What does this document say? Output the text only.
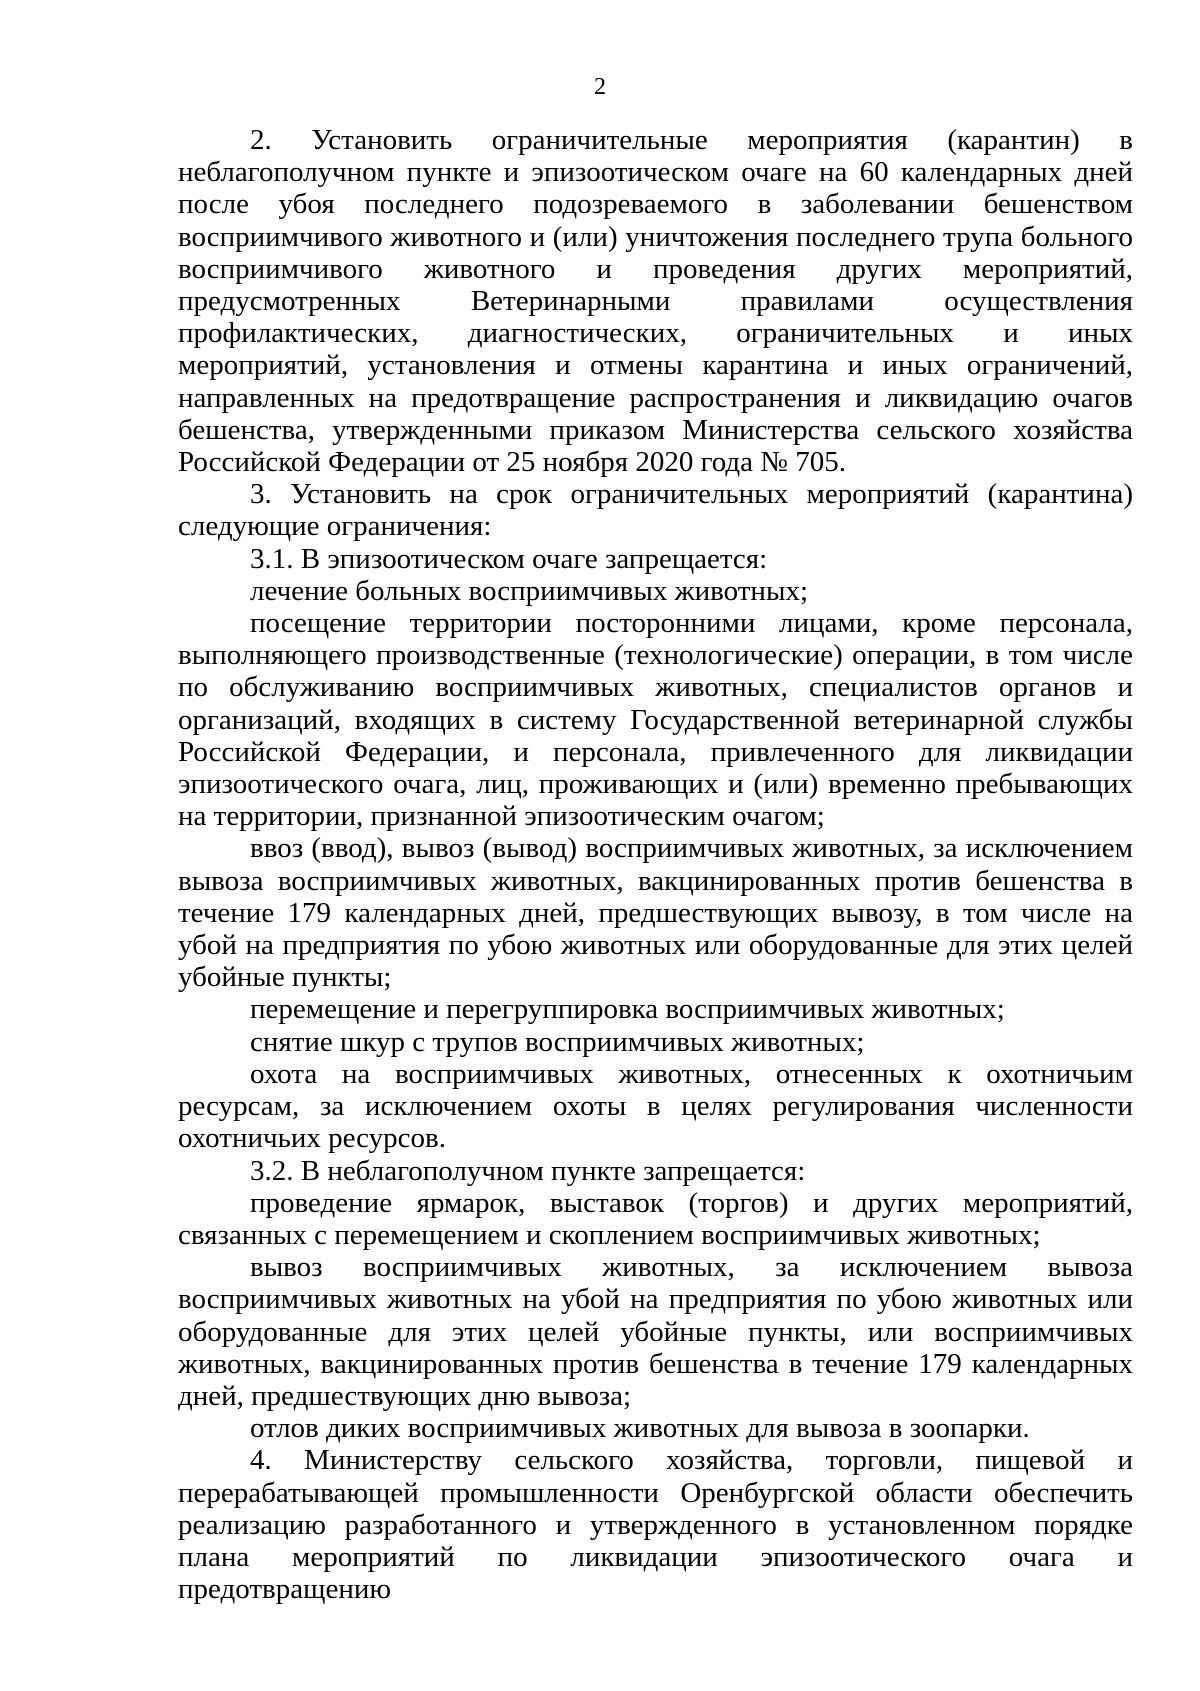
2

2. Установить ограничительные мероприятия (карантин) в неблагополучном пункте и эпизоотическом очаге на 60 календарных дней после убоя последнего подозреваемого в заболевании бешенством восприимчивого животного и (или) уничтожения последнего трупа больного восприимчивого животного и проведения других мероприятий, предусмотренных Ветеринарными правилами осуществления профилактических, диагностических, ограничительных и иных мероприятий, установления и отмены карантина и иных ограничений, направленных на предотвращение распространения и ликвидацию очагов бешенства, утвержденными приказом Министерства сельского хозяйства Российской Федерации от 25 ноября 2020 года № 705.

3. Установить на срок ограничительных мероприятий (карантина) следующие ограничения:

3.1. В эпизоотическом очаге запрещается:

лечение больных восприимчивых животных;

посещение территории посторонними лицами, кроме персонала, выполняющего производственные (технологические) операции, в том числе по обслуживанию восприимчивых животных, специалистов органов и организаций, входящих в систему Государственной ветеринарной службы Российской Федерации, и персонала, привлеченного для ликвидации эпизоотического очага, лиц, проживающих и (или) временно пребывающих на территории, признанной эпизоотическим очагом;

ввоз (ввод), вывоз (вывод) восприимчивых животных, за исключением вывоза восприимчивых животных, вакцинированных против бешенства в течение 179 календарных дней, предшествующих вывозу, в том числе на убой на предприятия по убою животных или оборудованные для этих целей убойные пункты;

перемещение и перегруппировка восприимчивых животных;

снятие шкур с трупов восприимчивых животных;

охота на восприимчивых животных, отнесенных к охотничьим ресурсам, за исключением охоты в целях регулирования численности охотничьих ресурсов.

3.2. В неблагополучном пункте запрещается:

проведение ярмарок, выставок (торгов) и других мероприятий, связанных с перемещением и скоплением восприимчивых животных;

вывоз восприимчивых животных, за исключением вывоза восприимчивых животных на убой на предприятия по убою животных или оборудованные для этих целей убойные пункты, или восприимчивых животных, вакцинированных против бешенства в течение 179 календарных дней, предшествующих дню вывоза;

отлов диких восприимчивых животных для вывоза в зоопарки.

4. Министерству сельского хозяйства, торговли, пищевой и перерабатывающей промышленности Оренбургской области обеспечить реализацию разработанного и утвержденного в установленном порядке плана мероприятий по ликвидации эпизоотического очага и предотвращению
